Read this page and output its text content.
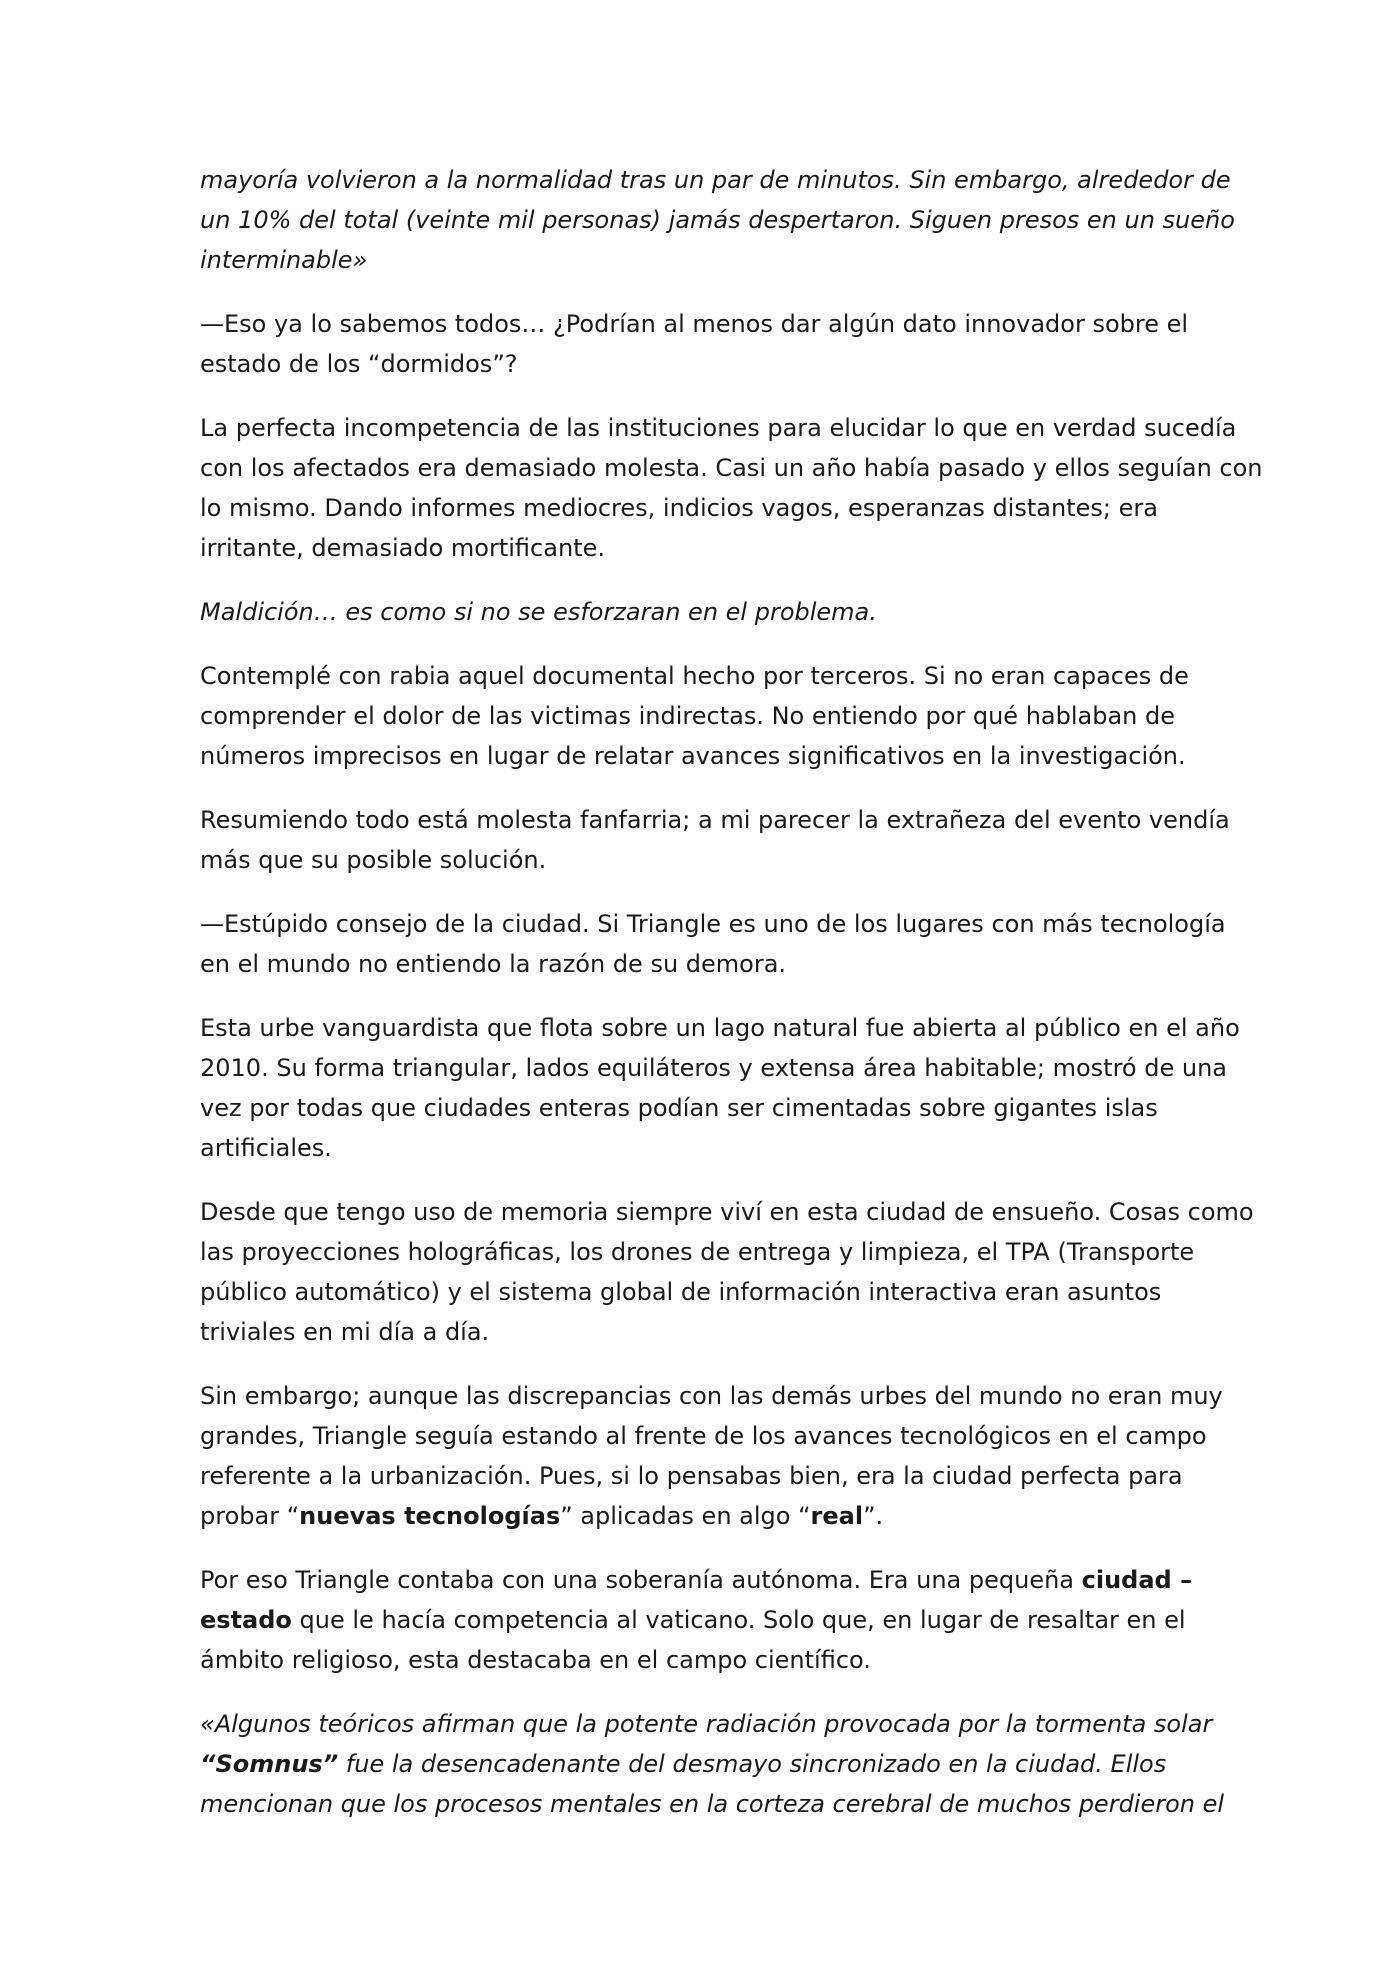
mayoría volvieron a la normalidad tras un par de minutos. Sin embargo, alrededor de
un 10% del total (veinte mil personas) jamás despertaron. Siguen presos en un sueño
interminable»

—Eso ya lo sabemos todos… ¿Podrían al menos dar algún dato innovador sobre el
estado de los “dormidos”?

La perfecta incompetencia de las instituciones para elucidar lo que en verdad sucedía
con los afectados era demasiado molesta. Casi un año había pasado y ellos seguían con
lo mismo. Dando informes mediocres, indicios vagos, esperanzas distantes; era
irritante, demasiado mortificante.

Maldición… es como si no se esforzaran en el problema.

Contemplé con rabia aquel documental hecho por terceros. Si no eran capaces de
comprender el dolor de las victimas indirectas. No entiendo por qué hablaban de
números imprecisos en lugar de relatar avances significativos en la investigación.

Resumiendo todo está molesta fanfarria; a mi parecer la extrañeza del evento vendía
más que su posible solución.

—Estúpido consejo de la ciudad. Si Triangle es uno de los lugares con más tecnología
en el mundo no entiendo la razón de su demora.

Esta urbe vanguardista que flota sobre un lago natural fue abierta al público en el año
2010. Su forma triangular, lados equiláteros y extensa área habitable; mostró de una
vez por todas que ciudades enteras podían ser cimentadas sobre gigantes islas
artificiales.

Desde que tengo uso de memoria siempre viví en esta ciudad de ensueño. Cosas como
las proyecciones holográficas, los drones de entrega y limpieza, el TPA (Transporte
público automático) y el sistema global de información interactiva eran asuntos
triviales en mi día a día.

Sin embargo; aunque las discrepancias con las demás urbes del mundo no eran muy
grandes, Triangle seguía estando al frente de los avances tecnológicos en el campo
referente a la urbanización. Pues, si lo pensabas bien, era la ciudad perfecta para
probar “nuevas tecnologías” aplicadas en algo “real”.

Por eso Triangle contaba con una soberanía autónoma. Era una pequeña ciudad –
estado que le hacía competencia al vaticano. Solo que, en lugar de resaltar en el
ámbito religioso, esta destacaba en el campo científico.

«Algunos teóricos afirman que la potente radiación provocada por la tormenta solar
“Somnus” fue la desencadenante del desmayo sincronizado en la ciudad. Ellos
mencionan que los procesos mentales en la corteza cerebral de muchos perdieron el
